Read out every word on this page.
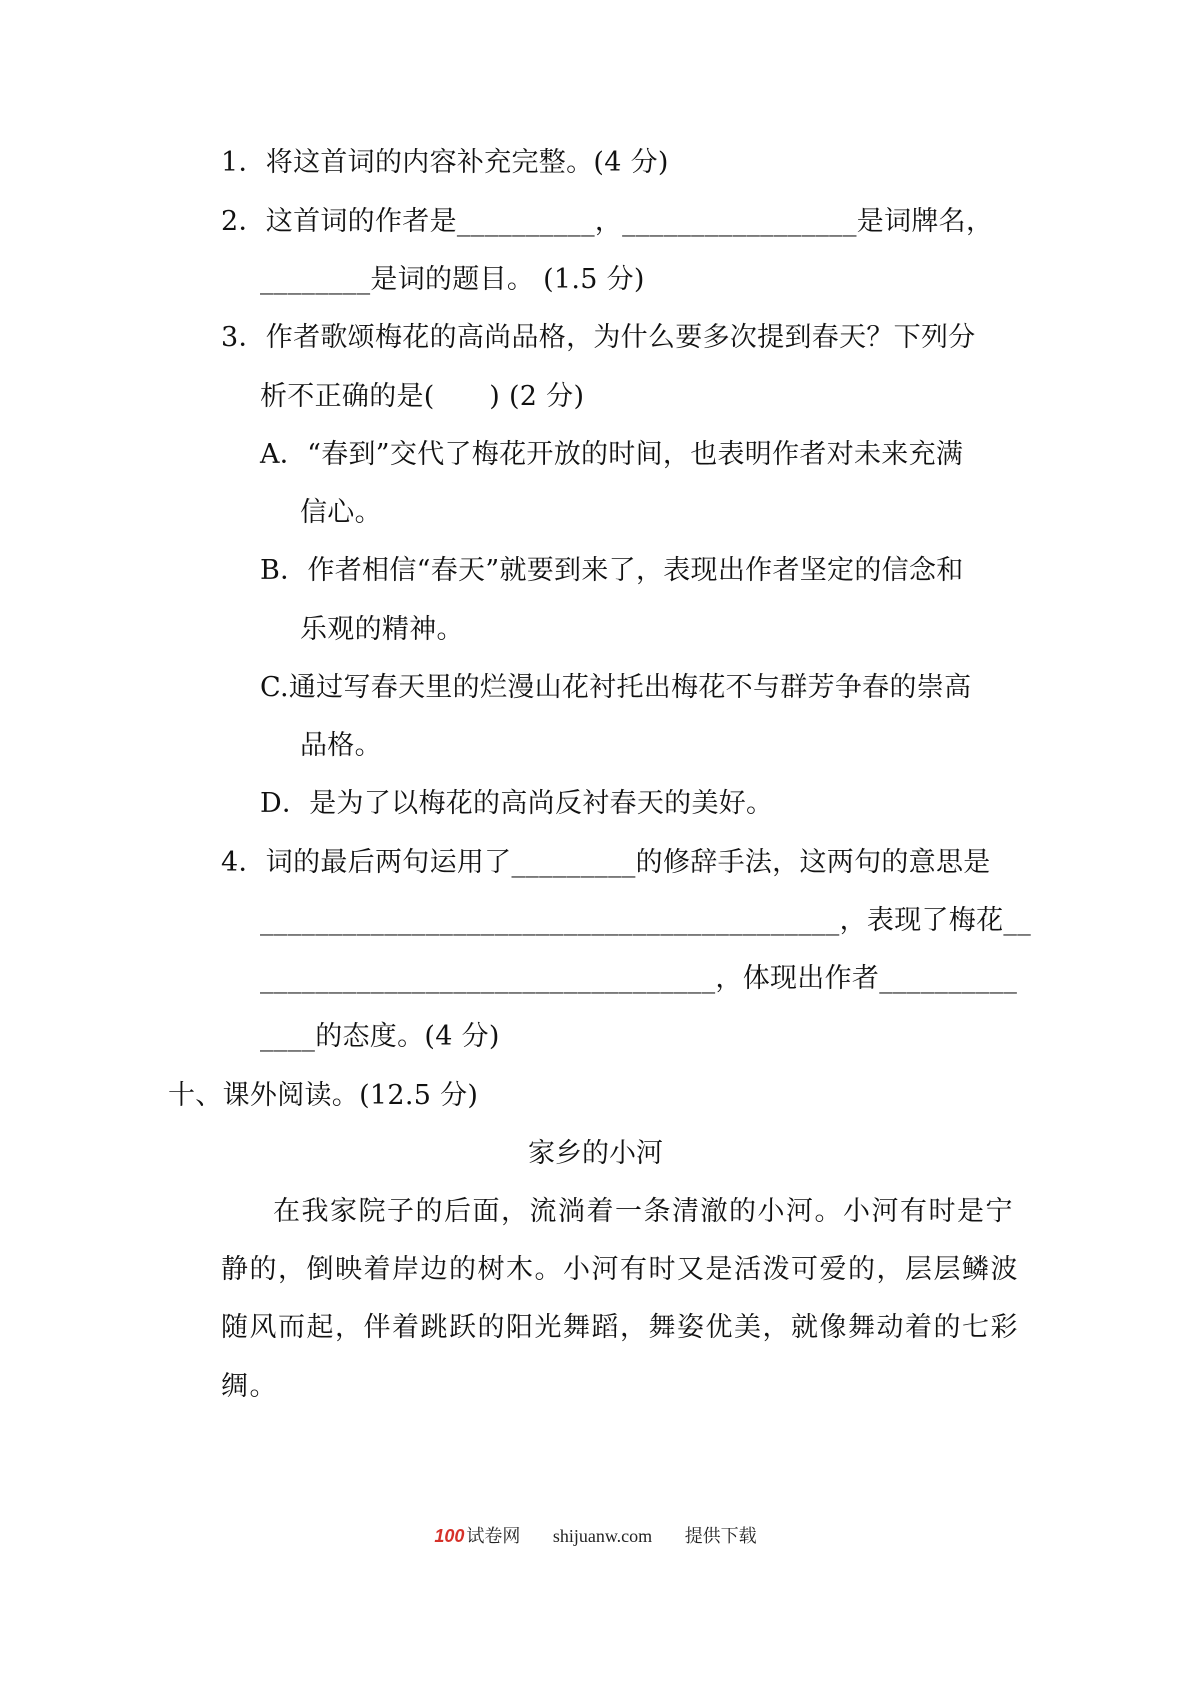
1．将这首词的内容补充完整。(4 分)
2．这首词的作者是__________，_________________是词牌名，
________是词的题目。 (1.5 分)
3．作者歌颂梅花的高尚品格，为什么要多次提到春天？下列分
析不正确的是(　　) (2 分)
A．“春到”交代了梅花开放的时间，也表明作者对未来充满
信心。
B．作者相信“春天”就要到来了，表现出作者坚定的信念和
乐观的精神。
C.通过写春天里的烂漫山花衬托出梅花不与群芳争春的崇高
品格。
D．是为了以梅花的高尚反衬春天的美好。
4．词的最后两句运用了_________的修辞手法，这两句的意思是
__________________________________________，表现了梅花__
_________________________________，体现出作者__________
____的态度。(4 分)
十、课外阅读。(12.5 分)
家乡的小河
在我家院子的后面，流淌着一条清澈的小河。小河有时是宁
静的，倒映着岸边的树木。小河有时又是活泼可爱的，层层鳞波
随风而起，伴着跳跃的阳光舞蹈，舞姿优美，就像舞动着的七彩
绸。
100 试卷网 shijuanw.com 提供下载
